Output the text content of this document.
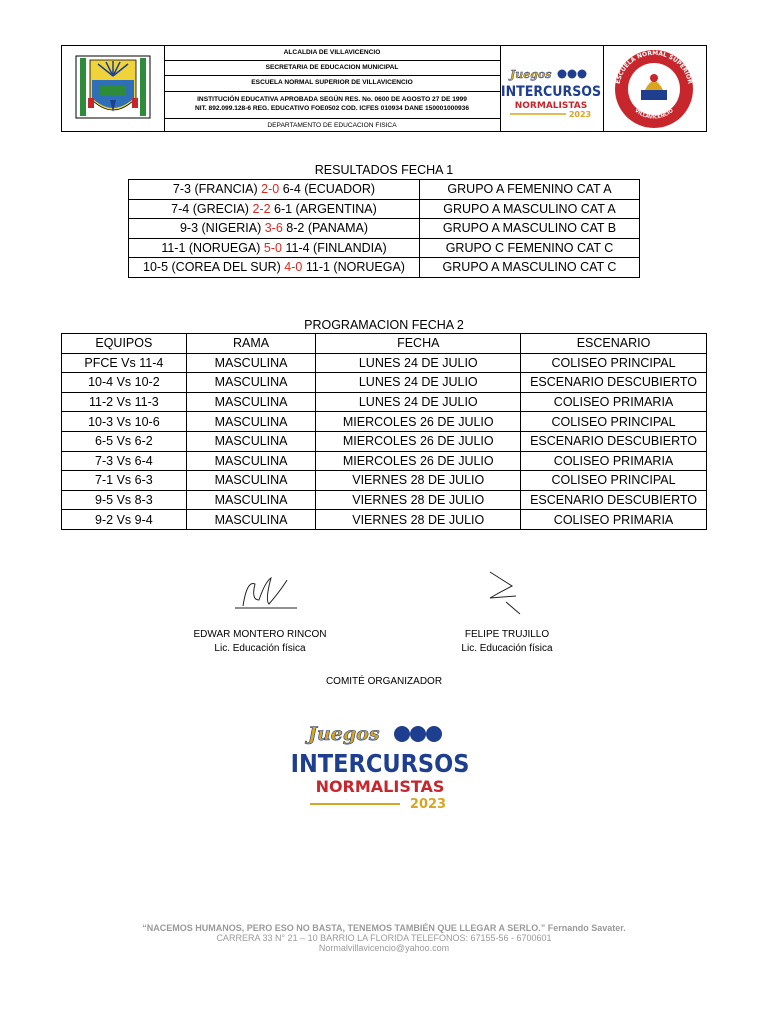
ALCALDIA DE VILLAVICENCIO
SECRETARIA DE EDUCACION MUNICIPAL
ESCUELA NORMAL SUPERIOR DE VILLAVICENCIO
INSTITUCIÓN EDUCATIVA APROBADA SEGÚN RES. No. 0600 DE AGOSTO 27 DE 1999
NIT. 892.099.128-6 REG. EDUCATIVO FOE0502 COD. ICFES 010934 DANE 150001000936
DEPARTAMENTO DE EDUCACION FISICA
Juegos
INTERCURSOS
NORMALISTAS
2023
ESCUELA NORMAL SUPERIOR
VILLAVICENCIO
RESULTADOS FECHA 1
7-3 (FRANCIA) 2-0 6-4 (ECUADOR)	GRUPO A FEMENINO CAT A
7-4 (GRECIA) 2-2 6-1 (ARGENTINA)	GRUPO A MASCULINO CAT A
9-3 (NIGERIA) 3-6 8-2 (PANAMA)	GRUPO A MASCULINO CAT B
11-1 (NORUEGA) 5-0 11-4 (FINLANDIA)	GRUPO C FEMENINO CAT C
10-5 (COREA DEL SUR) 4-0 11-1 (NORUEGA)	GRUPO A MASCULINO CAT C
PROGRAMACION FECHA 2
EQUIPOS	RAMA	FECHA	ESCENARIO
PFCE Vs 11-4	MASCULINA	LUNES 24 DE JULIO	COLISEO PRINCIPAL
10-4 Vs 10-2	MASCULINA	LUNES 24 DE JULIO	ESCENARIO DESCUBIERTO
11-2 Vs 11-3	MASCULINA	LUNES 24 DE JULIO	COLISEO PRIMARIA
10-3 Vs 10-6	MASCULINA	MIERCOLES 26 DE JULIO	COLISEO PRINCIPAL
6-5 Vs 6-2	MASCULINA	MIERCOLES 26 DE JULIO	ESCENARIO DESCUBIERTO
7-3 Vs 6-4	MASCULINA	MIERCOLES 26 DE JULIO	COLISEO PRIMARIA
7-1 Vs 6-3	MASCULINA	VIERNES 28 DE JULIO	COLISEO PRINCIPAL
9-5 Vs 8-3	MASCULINA	VIERNES 28 DE JULIO	ESCENARIO DESCUBIERTO
9-2 Vs 9-4	MASCULINA	VIERNES 28 DE JULIO	COLISEO PRIMARIA
EDWAR MONTERO RINCON
Lic. Educación física
FELIPE TRUJILLO
Lic. Educación física
COMITÉ ORGANIZADOR
Juegos
INTERCURSOS
NORMALISTAS
2023
“NACEMOS HUMANOS, PERO ESO NO BASTA, TENEMOS TAMBIÉN QUE LLEGAR A SERLO.” Fernando Savater.
CARRERA 33 N° 21 – 10 BARRIO LA FLORIDA TELEFONOS: 67155-56 - 6700601
Normalvillavicencio@yahoo.com
